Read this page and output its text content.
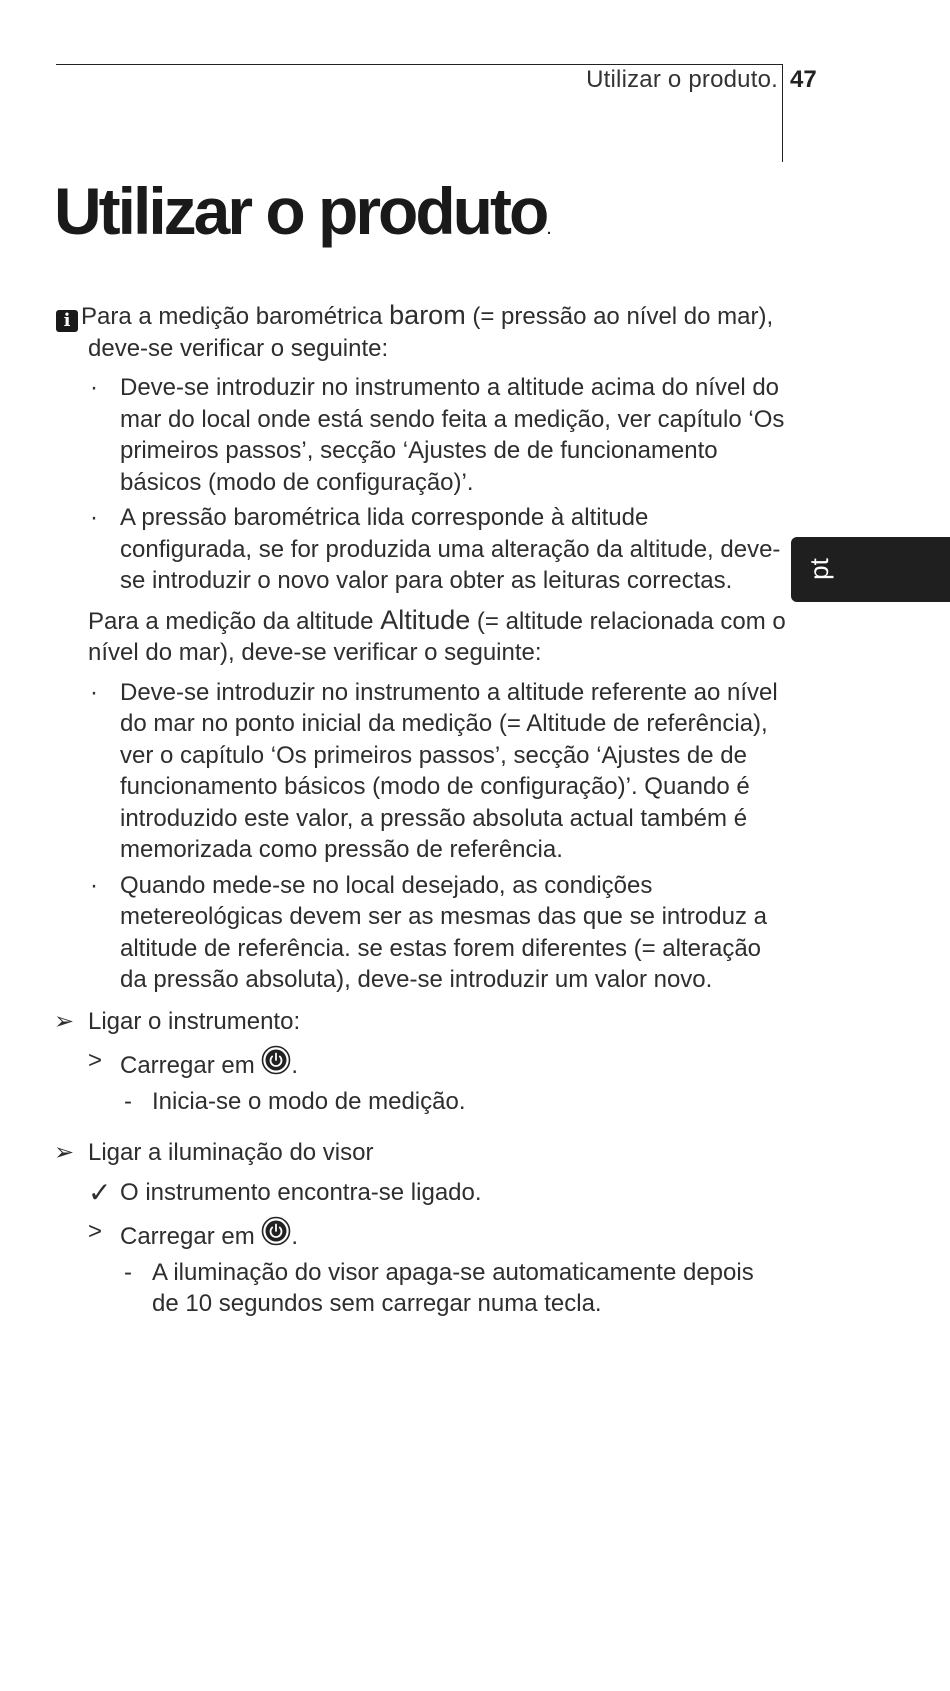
Utilizar o produto. 47
Utilizar o produto.
pt
i Para a medição barométrica barom (= pressão ao nível do mar), deve-se verificar o seguinte:
· Deve-se introduzir no instrumento a altitude acima do nível do mar do local onde está sendo feita a medição, ver capítulo ‘Os primeiros passos’, secção ‘Ajustes de de funcionamento básicos (modo de configuração)’.
· A pressão barométrica lida corresponde à altitude configurada, se for produzida uma alteração da altitude, deve-se introduzir o novo valor para obter as leituras correctas.
Para a medição da altitude Altitude (= altitude relacionada com o nível do mar), deve-se verificar o seguinte:
· Deve-se introduzir no instrumento a altitude referente ao nível do mar no ponto inicial da medição (= Altitude de referência), ver o capítulo ‘Os primeiros passos’, secção ‘Ajustes de de funcionamento básicos (modo de configuração)’. Quando é introduzido este valor, a pressão absoluta actual também é memorizada como pressão de referência.
· Quando mede-se no local desejado, as condições metereológicas devem ser as mesmas das que se introduz a altitude de referência. se estas forem diferentes (= alteração da pressão absoluta), deve-se introduzir um valor novo.
➢ Ligar o instrumento:
> Carregar em .
- Inicia-se o modo de medição.
➢ Ligar a iluminação do visor
✓ O instrumento encontra-se ligado.
> Carregar em .
- A iluminação do visor apaga-se automaticamente depois de 10 segundos sem carregar numa tecla.
